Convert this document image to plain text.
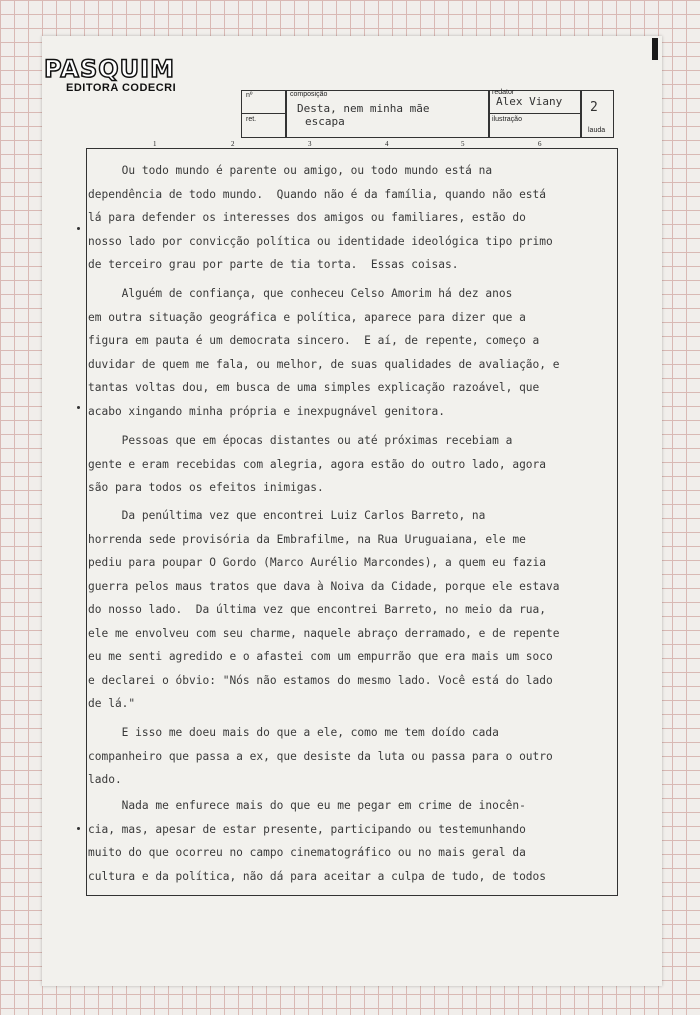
PASQUIM
EDITORA CODECRI
nº
ret.
composição
Desta, nem minha mãe
escapa
redator
Alex Viany
ilustração
2
lauda
1	2	3	4	5	6
Ou todo mundo é parente ou amigo, ou todo mundo está na
dependência de todo mundo.  Quando não é da família, quando não está
lá para defender os interesses dos amigos ou familiares, estão do
nosso lado por convicção política ou identidade ideológica tipo primo
de terceiro grau por parte de tia torta.  Essas coisas.
Alguém de confiança, que conheceu Celso Amorim há dez anos
em outra situação geográfica e política, aparece para dizer que a
figura em pauta é um democrata sincero.  E aí, de repente, começo a
duvidar de quem me fala, ou melhor, de suas qualidades de avaliação, e
tantas voltas dou, em busca de uma simples explicação razoável, que
acabo xingando minha própria e inexpugnável genitora.
Pessoas que em épocas distantes ou até próximas recebiam a
gente e eram recebidas com alegria, agora estão do outro lado, agora
são para todos os efeitos inimigas.
Da penúltima vez que encontrei Luiz Carlos Barreto, na
horrenda sede provisória da Embrafilme, na Rua Uruguaiana, ele me
pediu para poupar O Gordo (Marco Aurélio Marcondes), a quem eu fazia
guerra pelos maus tratos que dava à Noiva da Cidade, porque ele estava
do nosso lado.  Da última vez que encontrei Barreto, no meio da rua,
ele me envolveu com seu charme, naquele abraço derramado, e de repente
eu me senti agredido e o afastei com um empurrão que era mais um soco
e declarei o óbvio: "Nós não estamos do mesmo lado. Você está do lado
de lá."
E isso me doeu mais do que a ele, como me tem doído cada
companheiro que passa a ex, que desiste da luta ou passa para o outro
lado.
Nada me enfurece mais do que eu me pegar em crime de inocên-
cia, mas, apesar de estar presente, participando ou testemunhando
muito do que ocorreu no campo cinematográfico ou no mais geral da
cultura e da política, não dá para aceitar a culpa de tudo, de todos
